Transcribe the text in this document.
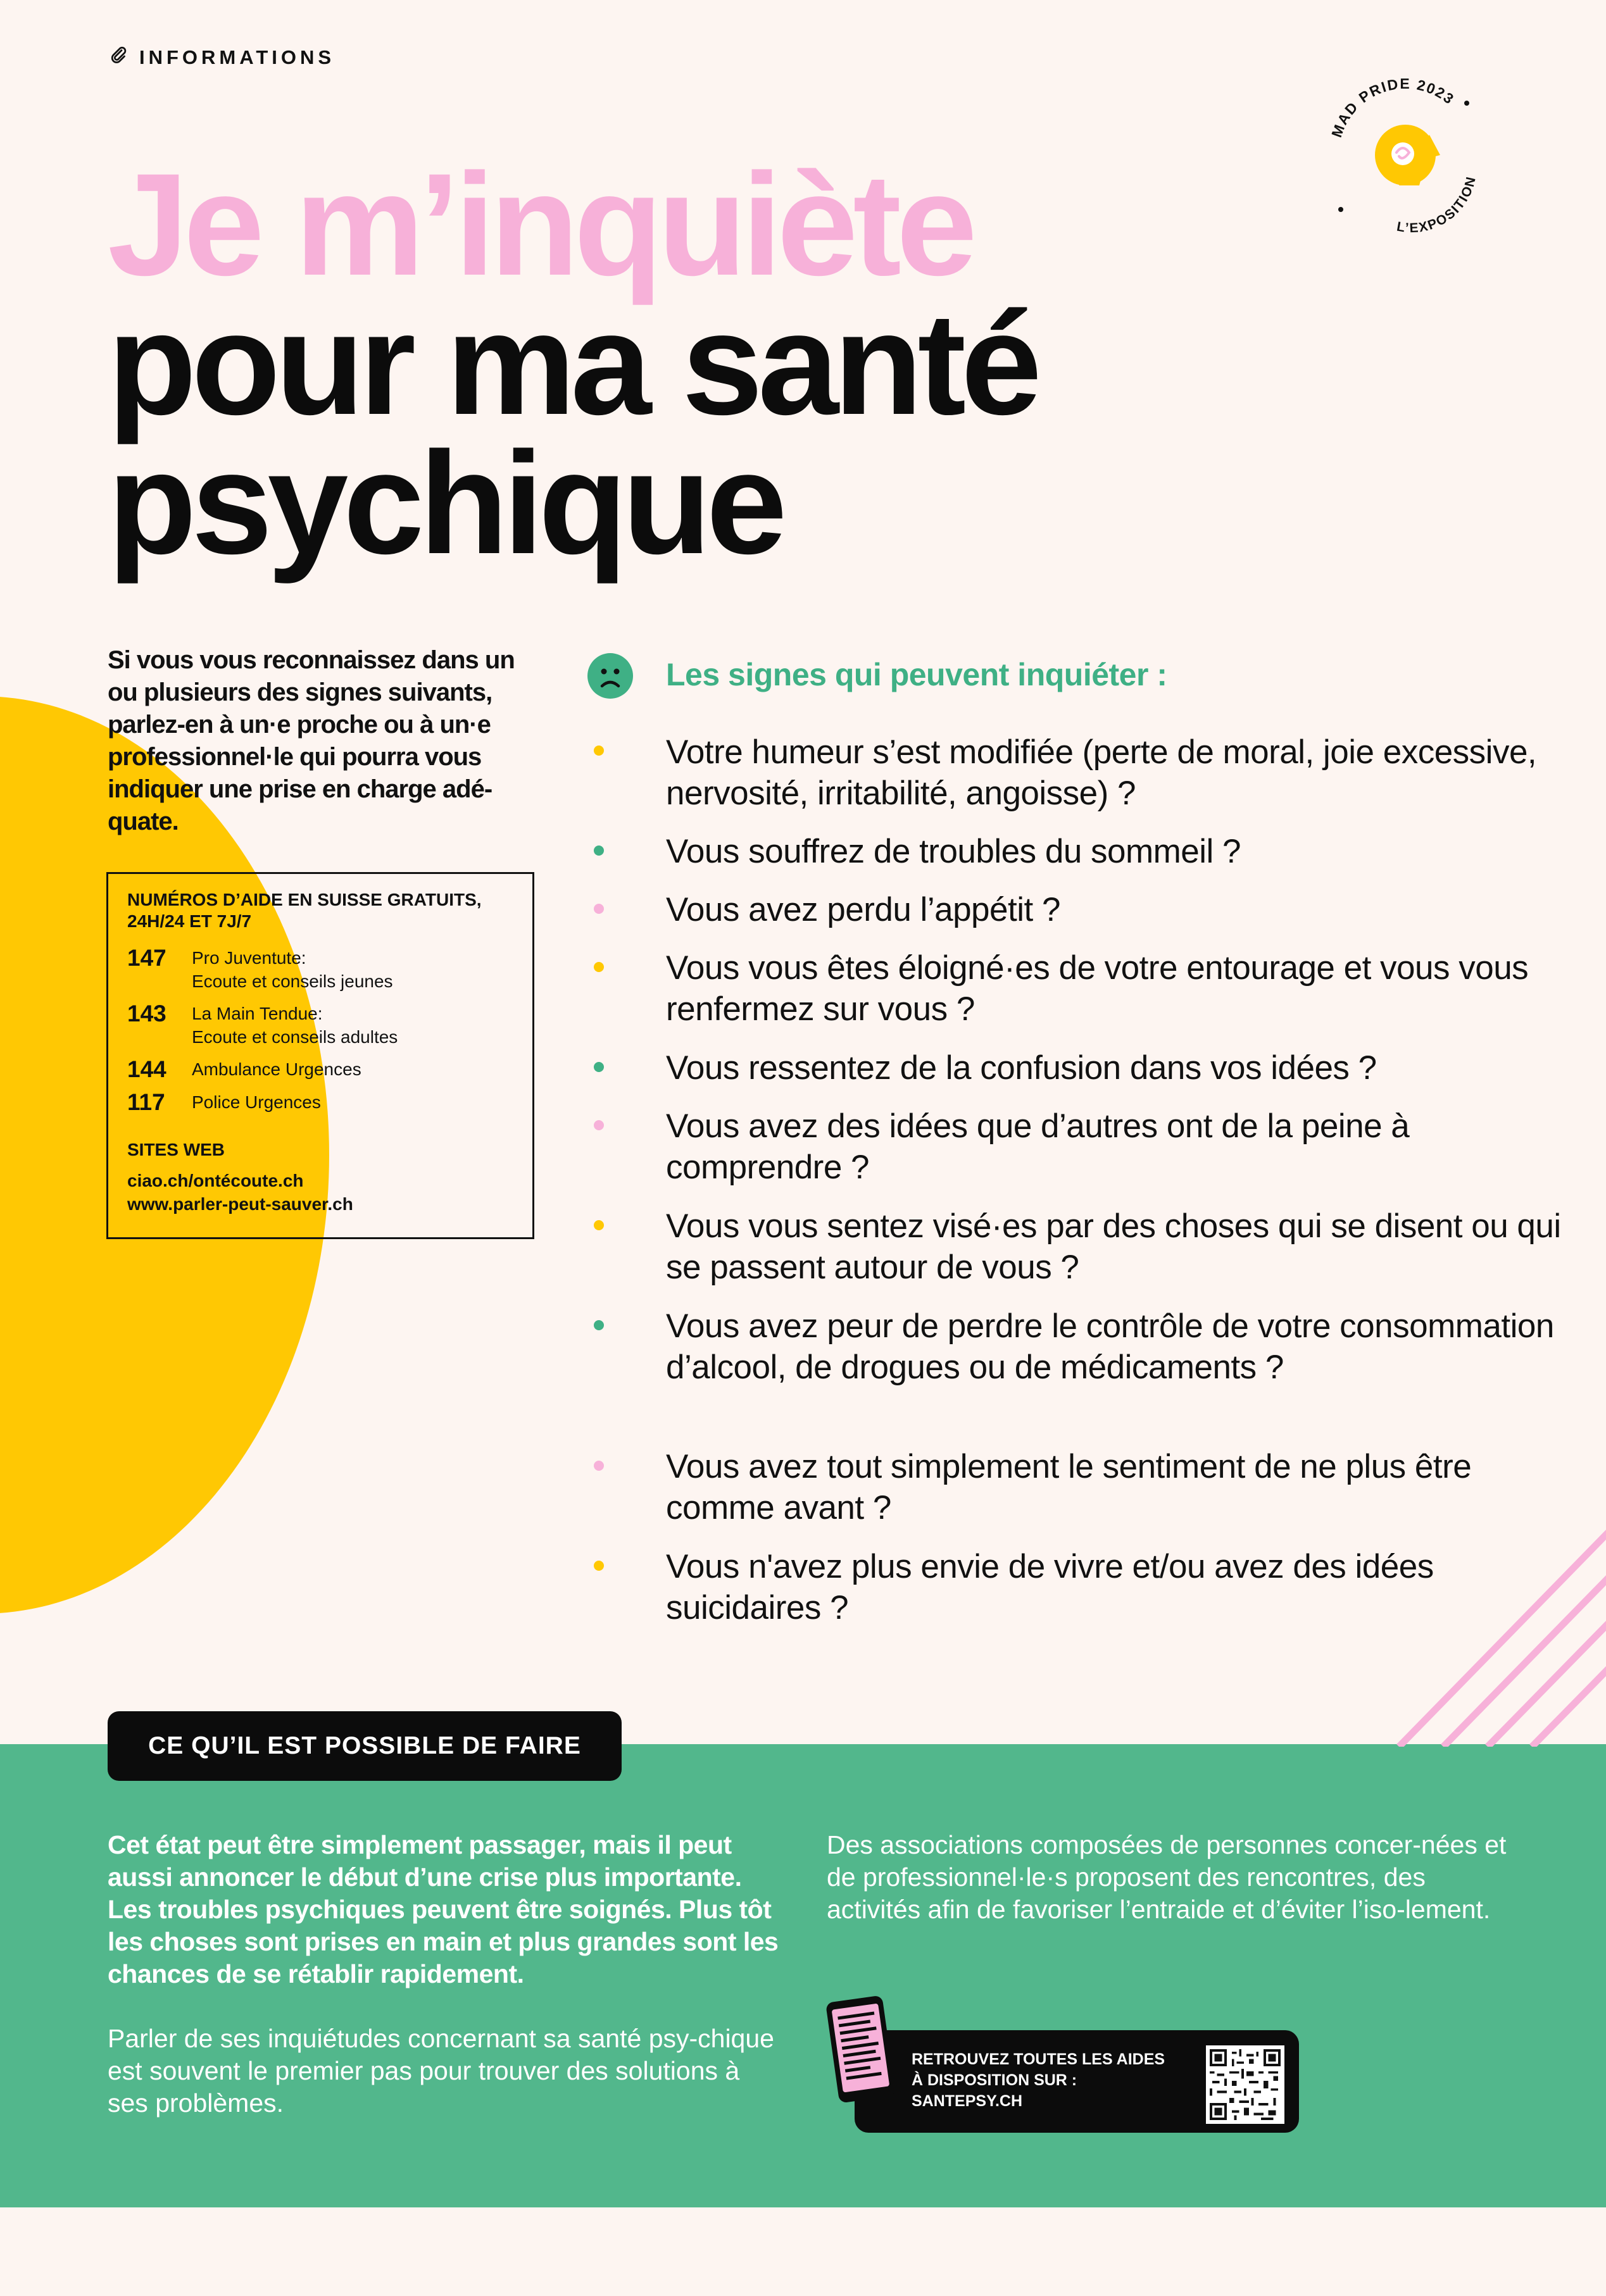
INFORMATIONS
MAD PRIDE 2023
L’EXPOSITION
Je m’inquiète
pour ma santé
psychique
Si vous vous reconnaissez dans un ou plusieurs des signes suivants, parlez-en à un·e proche ou à un·e professionnel·le qui pourra vous indiquer une prise en charge adé-quate.
NUMÉROS D’AIDE EN SUISSE GRATUITS,
24H/24 ET 7J/7
147	Pro Juventute:
Ecoute et conseils jeunes
143	La Main Tendue:
Ecoute et conseils adultes
144	Ambulance Urgences
117	Police Urgences
SITES WEB
ciao.ch/ontécoute.ch
www.parler-peut-sauver.ch
Les signes qui peuvent inquiéter :
Votre humeur s’est modifiée (perte de moral, joie excessive, nervosité, irritabilité, angoisse) ?
Vous souffrez de troubles du sommeil ?
Vous avez perdu l’appétit ?
Vous vous êtes éloigné·es de votre entourage et vous vous renfermez sur vous ?
Vous ressentez de la confusion dans vos idées ?
Vous avez des idées que d’autres ont de la peine à comprendre ?
Vous vous sentez visé·es par des choses qui se disent ou qui se passent autour de vous ?
Vous avez peur de perdre le contrôle de votre consommation d’alcool, de drogues ou de médicaments ?
Vous avez tout simplement le sentiment de ne plus être comme avant ?
Vous n'avez plus envie de vivre et/ou avez des idées suicidaires ?
CE QU’IL EST POSSIBLE DE FAIRE
Cet état peut être simplement passager, mais il peut aussi annoncer le début d’une crise plus importante. Les troubles psychiques peuvent être soignés. Plus tôt les choses sont prises en main et plus grandes sont les chances de se rétablir rapidement.
Parler de ses inquiétudes concernant sa santé psy-chique est souvent le premier pas pour trouver des solutions à ses problèmes.
Des associations composées de personnes concer-nées et de professionnel·le·s proposent des rencontres, des activités afin de favoriser l’entraide et d’éviter l’iso-lement.
RETROUVEZ TOUTES LES AIDES
À DISPOSITION SUR :
SANTEPSY.CH
